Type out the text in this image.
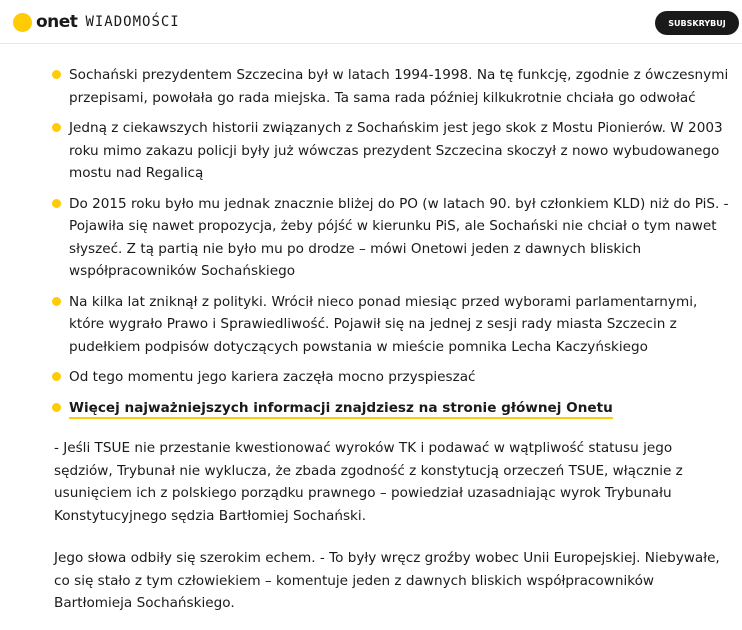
onet WIADOMOŚCI	SUBSKRYBUJ
Sochański prezydentem Szczecina był w latach 1994-1998. Na tę funkcję, zgodnie z ówczesnymi przepisami, powołała go rada miejska. Ta sama rada później kilkukrotnie chciała go odwołać
Jedną z ciekawszych historii związanych z Sochańskim jest jego skok z Mostu Pionierów. W 2003 roku mimo zakazu policji były już wówczas prezydent Szczecina skoczył z nowo wybudowanego mostu nad Regalicą
Do 2015 roku było mu jednak znacznie bliżej do PO (w latach 90. był członkiem KLD) niż do PiS. - Pojawiła się nawet propozycja, żeby pójść w kierunku PiS, ale Sochański nie chciał o tym nawet słyszeć. Z tą partią nie było mu po drodze – mówi Onetowi jeden z dawnych bliskich współpracowników Sochańskiego
Na kilka lat zniknął z polityki. Wrócił nieco ponad miesiąc przed wyborami parlamentarnymi, które wygrało Prawo i Sprawiedliwość. Pojawił się na jednej z sesji rady miasta Szczecin z pudełkiem podpisów dotyczących powstania w mieście pomnika Lecha Kaczyńskiego
Od tego momentu jego kariera zaczęła mocno przyspieszać
Więcej najważniejszych informacji znajdziesz na stronie głównej Onetu

- Jeśli TSUE nie przestanie kwestionować wyroków TK i podawać w wątpliwość statusu jego sędziów, Trybunał nie wyklucza, że zbada zgodność z konstytucją orzeczeń TSUE, włącznie z usunięciem ich z polskiego porządku prawnego – powiedział uzasadniając wyrok Trybunału Konstytucyjnego sędzia Bartłomiej Sochański.

Jego słowa odbiły się szerokim echem. - To były wręcz groźby wobec Unii Europejskiej. Niebywałe, co się stało z tym człowiekiem – komentuje jeden z dawnych bliskich współpracowników Bartłomieja Sochańskiego.
